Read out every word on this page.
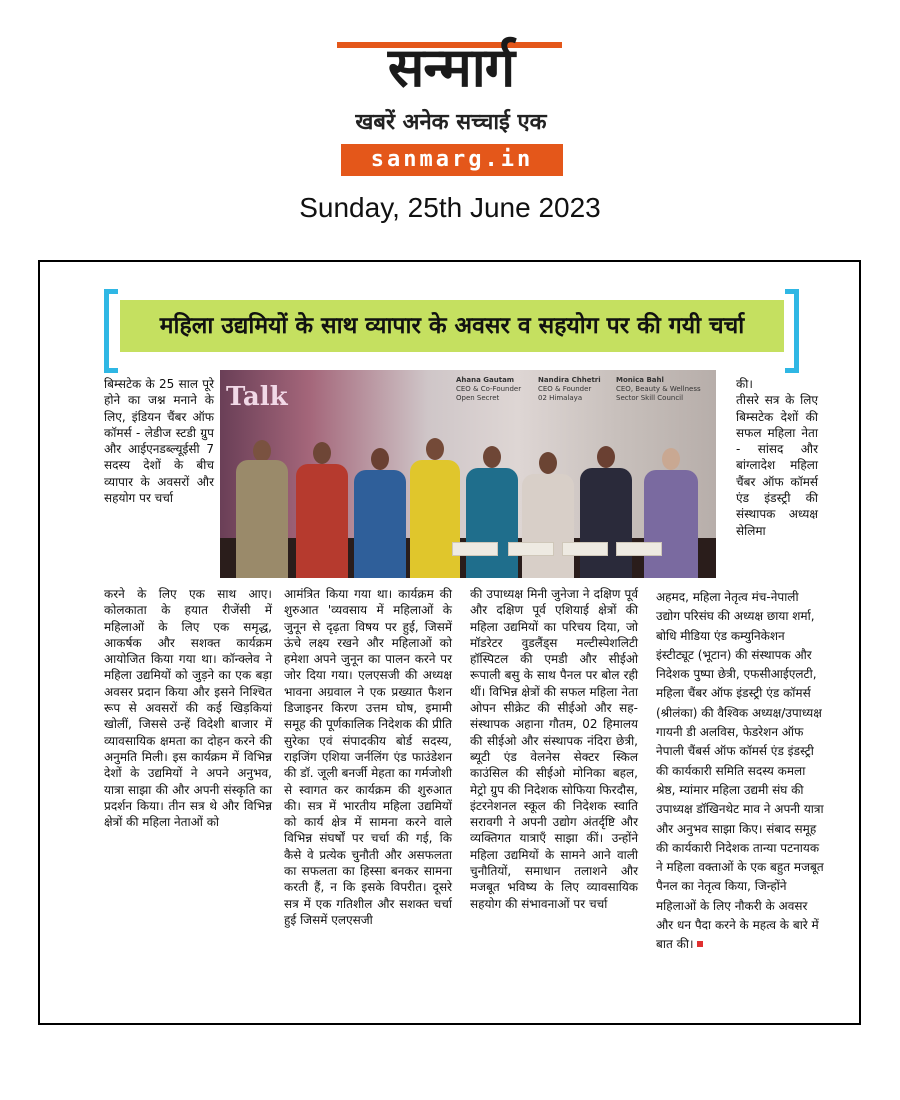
सन्मार्ग
खबरें अनेक सच्चाई एक
sanmarg.in
Sunday, 25th June 2023
महिला उद्यमियों के साथ व्यापार के अवसर व सहयोग पर की गयी चर्चा
Talk
Ahana Gautam
CEO & Co-Founder
Open Secret
Nandira Chhetri
CEO & Founder
02 Himalaya
Monica Bahl
CEO, Beauty & Wellness
Sector Skill Council

बिम्सटेक के 25 साल पूरे होने का जश्न मनाने के लिए, इंडियन चैंबर ऑफ कॉमर्स - लेडीज स्टडी ग्रुप और आईएनडब्ल्यूईसी 7 सदस्य देशों के बीच व्यापार के अवसरों और सहयोग पर चर्चा

करने के लिए एक साथ आए। कोलकाता के हयात रीजेंसी में महिलाओं के लिए एक समृद्ध, आकर्षक और सशक्त कार्यक्रम आयोजित किया गया था। कॉन्क्लेव ने महिला उद्यमियों को जुड़ने का एक बड़ा अवसर प्रदान किया और इसने निश्चित रूप से अवसरों की कई खिड़कियां खोलीं, जिससे उन्हें विदेशी बाजार में व्यावसायिक क्षमता का दोहन करने की अनुमति मिली। इस कार्यक्रम में विभिन्न देशों के उद्यमियों ने अपने अनुभव, यात्रा साझा की और अपनी संस्कृति का प्रदर्शन किया। तीन सत्र थे और विभिन्न क्षेत्रों की महिला नेताओं को

आमंत्रित किया गया था। कार्यक्रम की शुरुआत 'व्यवसाय में महिलाओं के जुनून से दृढ़ता विषय पर हुई, जिसमें ऊंचे लक्ष्य रखने और महिलाओं को हमेशा अपने जुनून का पालन करने पर जोर दिया गया। एलएसजी की अध्यक्ष भावना अग्रवाल ने एक प्रख्यात फैशन डिजाइनर किरण उत्तम घोष, इमामी समूह की पूर्णकालिक निदेशक की प्रीति सुरेका एवं संपादकीय बोर्ड सदस्य, राइजिंग एशिया जर्नलिंग एंड फाउंडेशन की डॉ. जूली बनर्जी मेहता का गर्मजोशी से स्वागत कर कार्यक्रम की शुरुआत की। सत्र में भारतीय महिला उद्यमियों को कार्य क्षेत्र में सामना करने वाले विभिन्न संघर्षों पर चर्चा की गई, कि कैसे वे प्रत्येक चुनौती और असफलता का सफलता का हिस्सा बनकर सामना करती हैं, न कि इसके विपरीत। दूसरे सत्र में एक गतिशील और सशक्त चर्चा हुई जिसमें एलएसजी

की उपाध्यक्ष मिनी जुनेजा ने दक्षिण पूर्व और दक्षिण पूर्व एशियाई क्षेत्रों की महिला उद्यमियों का परिचय दिया, जो मॉडरेटर वुडलैंड्स मल्टीस्पेशलिटी हॉस्पिटल की एमडी और सीईओ रूपाली बसु के साथ पैनल पर बोल रही थीं। विभिन्न क्षेत्रों की सफल महिला नेता ओपन सीक्रेट की सीईओ और सह-संस्थापक अहाना गौतम, 02 हिमालय की सीईओ और संस्थापक नंदिरा छेत्री, ब्यूटी एंड वेलनेस सेक्टर स्किल काउंसिल की सीईओ मोनिका बहल, मेट्रो ग्रुप की निदेशक सोफिया फिरदौस, इंटरनेशनल स्कूल की निदेशक स्वाति सरावगी ने अपनी उद्योग अंतर्दृष्टि और व्यक्तिगत यात्राएँ साझा कीं। उन्होंने महिला उद्यमियों के सामने आने वाली चुनौतियों, समाधान तलाशने और मजबूत भविष्य के लिए व्यावसायिक सहयोग की संभावनाओं पर चर्चा

की।
तीसरे सत्र के लिए बिम्सटेक देशों की सफल महिला नेता - सांसद और बांग्लादेश महिला चैंबर ऑफ कॉमर्स एंड इंडस्ट्री की संस्थापक अध्यक्ष सेलिमा

अहमद, महिला नेतृत्व मंच-नेपाली उद्योग परिसंघ की अध्यक्ष छाया शर्मा, बोधि मीडिया एंड कम्युनिकेशन इंस्टीट्यूट (भूटान) की संस्थापक और निदेशक पुष्पा छेत्री, एफसीआईएलटी, महिला चैंबर ऑफ इंडस्ट्री एंड कॉमर्स (श्रीलंका) की वैश्विक अध्यक्ष/उपाध्यक्ष गायनी डी अलविस, फेडरेशन ऑफ नेपाली चैंबर्स ऑफ कॉमर्स एंड इंडस्ट्री की कार्यकारी समिति सदस्य कमला श्रेष्ठ, म्यांमार महिला उद्यमी संघ की उपाध्यक्ष डॉखिनथेट माव ने अपनी यात्रा और अनुभव साझा किए। संबाद समूह की कार्यकारी निदेशक तान्या पटनायक ने महिला वक्ताओं के एक बहुत मजबूत पैनल का नेतृत्व किया, जिन्होंने महिलाओं के लिए नौकरी के अवसर और धन पैदा करने के महत्व के बारे में बात की।
